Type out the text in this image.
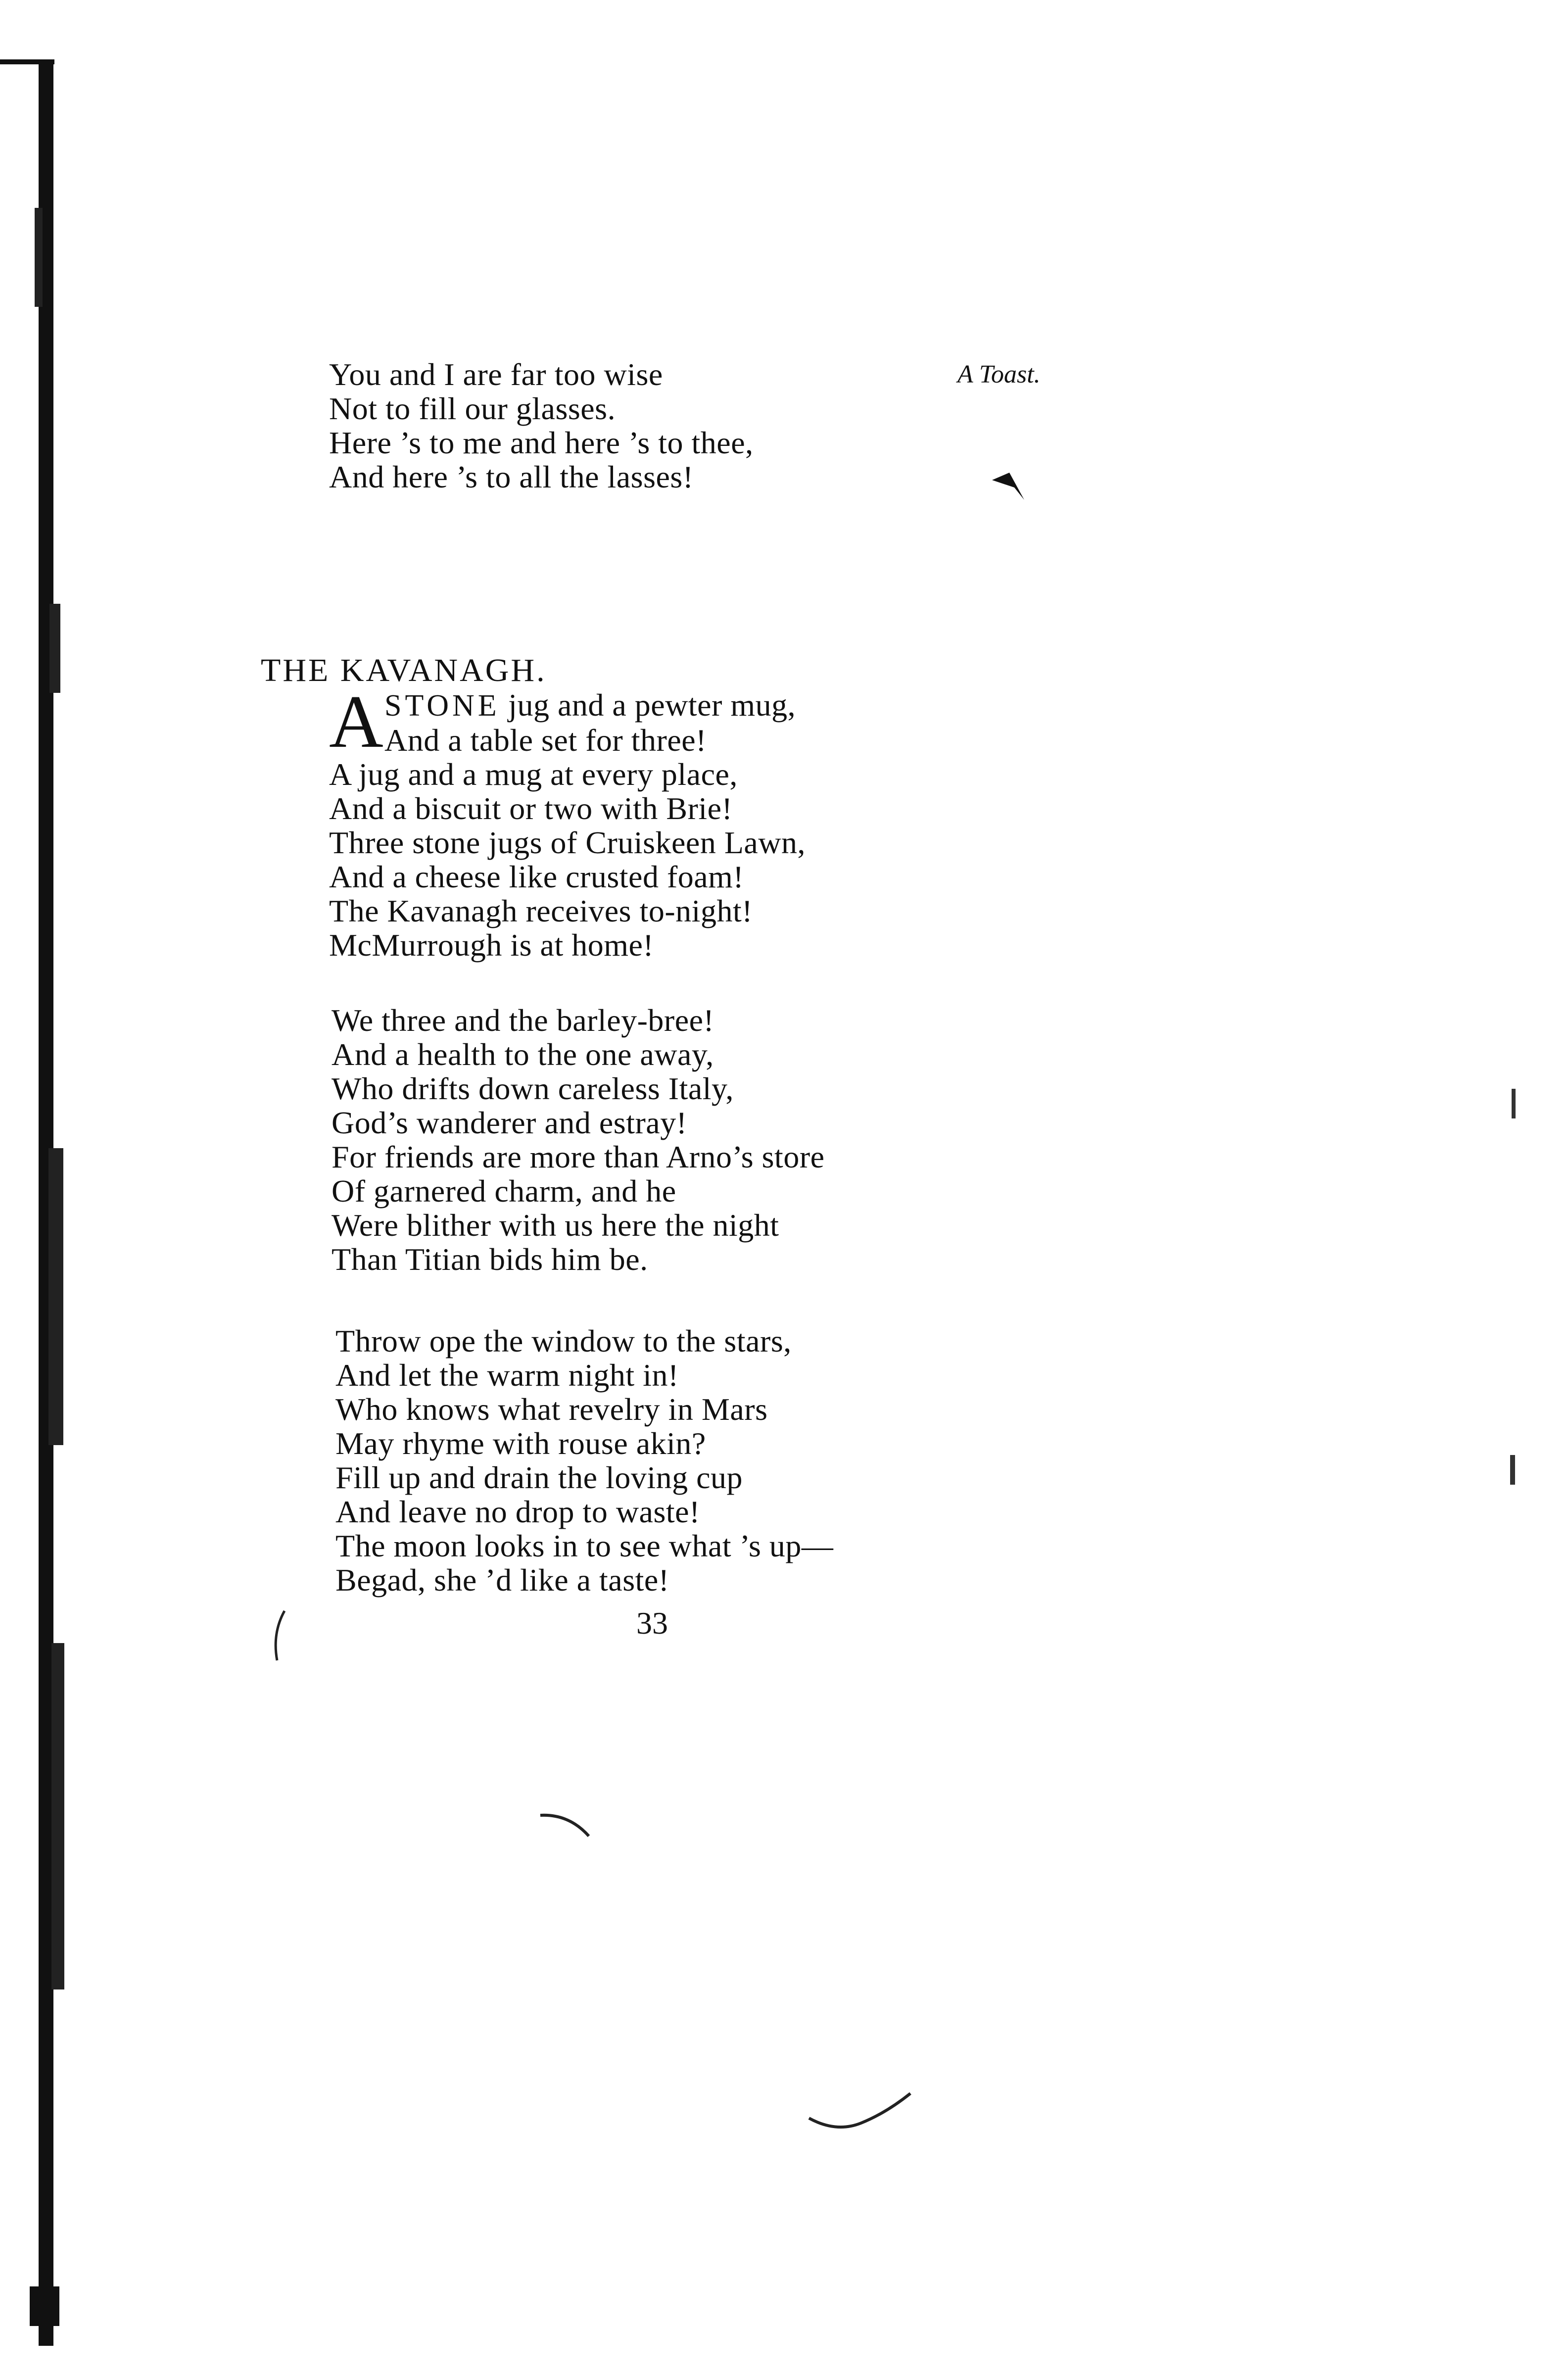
You and I are far too wise
Not to fill our glasses.
Here ’s to me and here ’s to thee,
And here ’s to all the lasses!
A Toast.
THE KAVANAGH.
A STONE jug and a pewter mug,
And a table set for three!
A jug and a mug at every place,
And a biscuit or two with Brie!
Three stone jugs of Cruiskeen Lawn,
And a cheese like crusted foam!
The Kavanagh receives to-night!
McMurrough is at home!
We three and the barley-bree!
And a health to the one away,
Who drifts down careless Italy,
God’s wanderer and estray!
For friends are more than Arno’s store
Of garnered charm, and he
Were blither with us here the night
Than Titian bids him be.
Throw ope the window to the stars,
And let the warm night in!
Who knows what revelry in Mars
May rhyme with rouse akin?
Fill up and drain the loving cup
And leave no drop to waste!
The moon looks in to see what ’s up—
Begad, she ’d like a taste!
33
